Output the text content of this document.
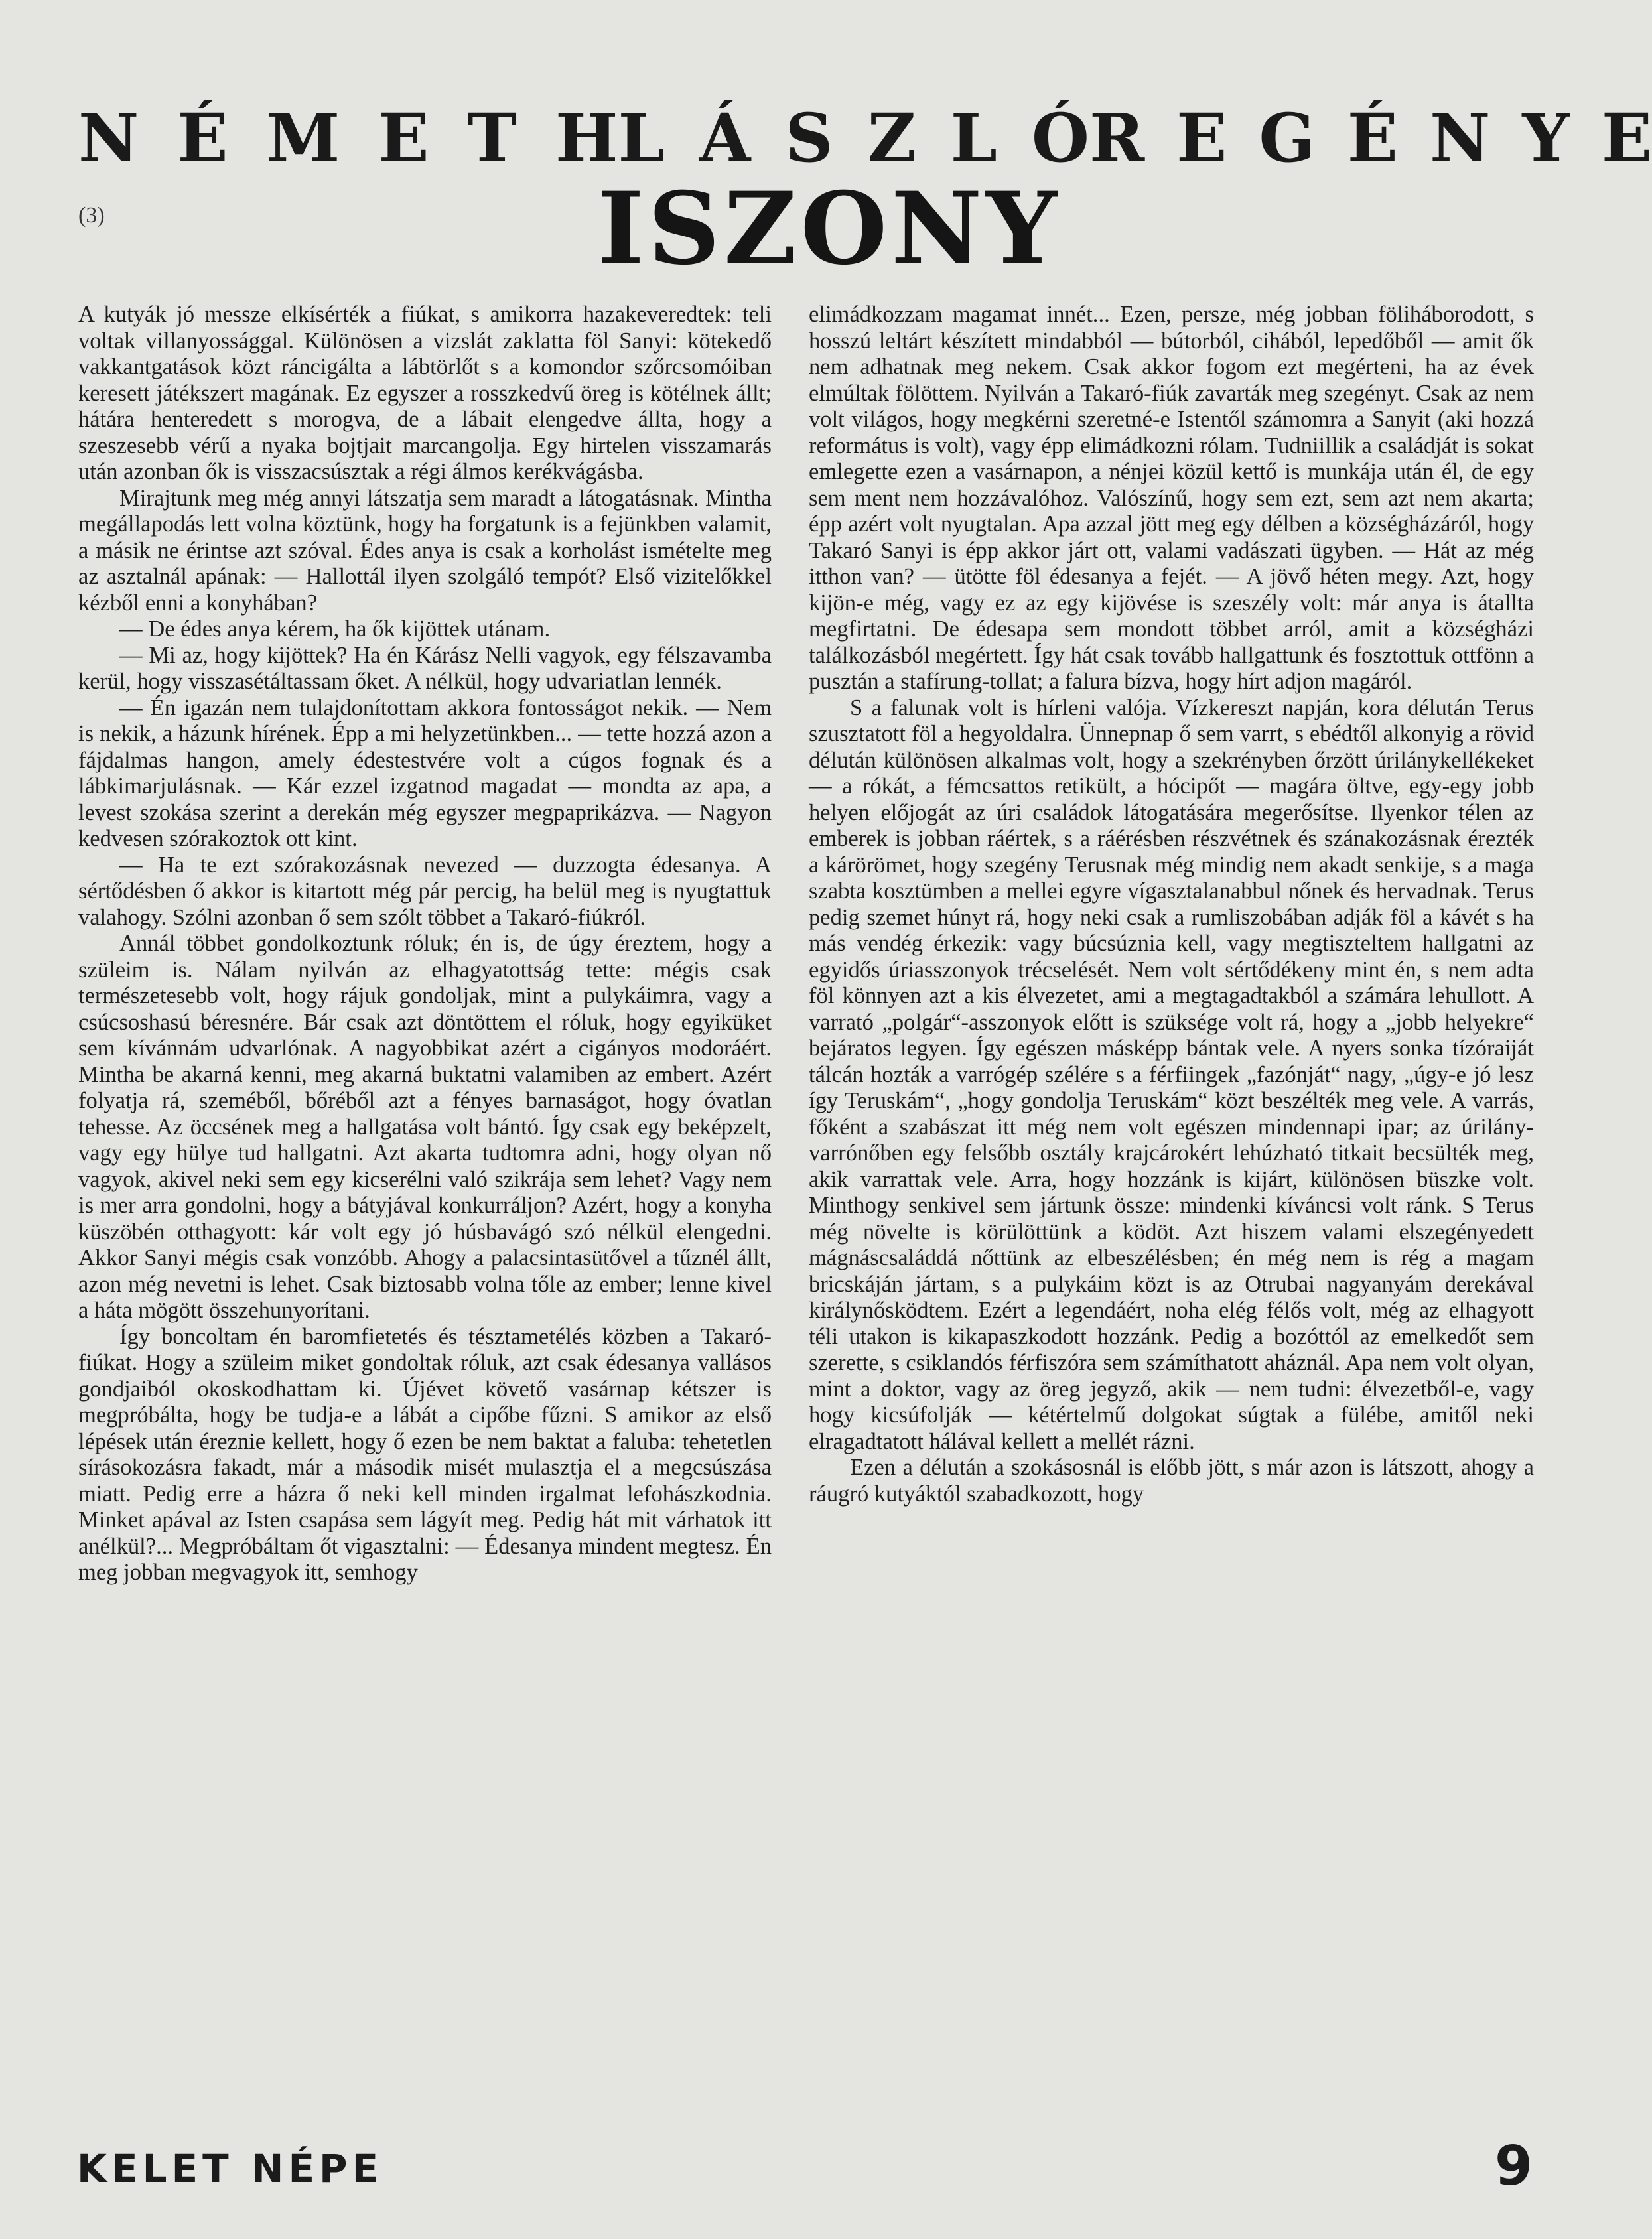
N É M E T H L Á S Z L Ó R E G É N Y E
(3)	ISZONY

A kutyák jó messze elkísérték a fiúkat, s amikorra hazakeveredtek: teli voltak villanyossággal. Különösen a vizslát zaklatta föl Sanyi: kötekedő vakkantgatások közt ráncigálta a lábtörlőt s a komondor szőrcsomóiban keresett játékszert magának. Ez egyszer a rosszkedvű öreg is kötélnek állt; hátára henteredett s morogva, de a lábait elengedve állta, hogy a szeszesebb vérű a nyaka bojtjait marcangolja. Egy hirtelen visszamarás után azonban ők is visszacsúsztak a régi álmos kerékvágásba.

Mirajtunk meg még annyi látszatja sem maradt a látogatásnak. Mintha megállapodás lett volna köztünk, hogy ha forgatunk is a fejünkben valamit, a másik ne érintse azt szóval. Édes anya is csak a korholást ismételte meg az asztalnál apának: — Hallottál ilyen szolgáló tempót? Első vizitelőkkel kézből enni a konyhában?

— De édes anya kérem, ha ők kijöttek utánam.

— Mi az, hogy kijöttek? Ha én Kárász Nelli vagyok, egy félszavamba kerül, hogy visszasétáltassam őket. A nélkül, hogy udvariatlan lennék.

— Én igazán nem tulajdonítottam akkora fontosságot nekik. — Nem is nekik, a házunk hírének. Épp a mi helyzetünkben... — tette hozzá azon a fájdalmas hangon, amely édestestvére volt a cúgos fognak és a lábkimarjulásnak. — Kár ezzel izgatnod magadat — mondta az apa, a levest szokása szerint a derekán még egyszer megpaprikázva. — Nagyon kedvesen szórakoztok ott kint.

— Ha te ezt szórakozásnak nevezed — duzzogta édesanya. A sértődésben ő akkor is kitartott még pár percig, ha belül meg is nyugtattuk valahogy. Szólni azonban ő sem szólt többet a Takaró-fiúkról.

Annál többet gondolkoztunk róluk; én is, de úgy éreztem, hogy a szüleim is. Nálam nyilván az elhagyatottság tette: mégis csak természetesebb volt, hogy rájuk gondoljak, mint a pulykáimra, vagy a csúcsoshasú béresnére. Bár csak azt döntöttem el róluk, hogy egyiküket sem kívánnám udvarlónak. A nagyobbikat azért a cigányos modoráért. Mintha be akarná kenni, meg akarná buktatni valamiben az embert. Azért folyatja rá, szeméből, bőréből azt a fényes barnaságot, hogy óvatlan tehesse. Az öccsének meg a hallgatása volt bántó. Így csak egy beképzelt, vagy egy hülye tud hallgatni. Azt akarta tudtomra adni, hogy olyan nő vagyok, akivel neki sem egy kicserélni való szikrája sem lehet? Vagy nem is mer arra gondolni, hogy a bátyjával konkurráljon? Azért, hogy a konyha küszöbén otthagyott: kár volt egy jó húsbavágó szó nélkül elengedni. Akkor Sanyi mégis csak vonzóbb. Ahogy a palacsintasütővel a tűznél állt, azon még nevetni is lehet. Csak biztosabb volna tőle az ember; lenne kivel a háta mögött összehunyorítani.

Így boncoltam én baromfietetés és tésztametélés közben a Takaró-fiúkat. Hogy a szüleim miket gondoltak róluk, azt csak édesanya vallásos gondjaiból okoskodhattam ki. Újévet követő vasárnap kétszer is megpróbálta, hogy be tudja-e a lábát a cipőbe fűzni. S amikor az első lépések után éreznie kellett, hogy ő ezen be nem baktat a faluba: tehetetlen sírásokozásra fakadt, már a második misét mulasztja el a megcsúszása miatt. Pedig erre a házra ő neki kell minden irgalmat lefohászkodnia. Minket apával az Isten csapása sem lágyít meg. Pedig hát mit várhatok itt anélkül?... Megpróbáltam őt vigasztalni: — Édesanya mindent megtesz. Én meg jobban megvagyok itt, semhogy

elimádkozzam magamat innét... Ezen, persze, még jobban föliháborodott, s hosszú leltárt készített mindabból — bútorból, cihából, lepedőből — amit ők nem adhatnak meg nekem. Csak akkor fogom ezt megérteni, ha az évek elmúltak fölöttem. Nyilván a Takaró-fiúk zavarták meg szegényt. Csak az nem volt világos, hogy megkérni szeretné-e Istentől számomra a Sanyit (aki hozzá református is volt), vagy épp elimádkozni rólam. Tudniillik a családját is sokat emlegette ezen a vasárnapon, a nénjei közül kettő is munkája után él, de egy sem ment nem hozzávalóhoz. Valószínű, hogy sem ezt, sem azt nem akarta; épp azért volt nyugtalan. Apa azzal jött meg egy délben a községházáról, hogy Takaró Sanyi is épp akkor járt ott, valami vadászati ügyben. — Hát az még itthon van? — ütötte föl édesanya a fejét. — A jövő héten megy. Azt, hogy kijön-e még, vagy ez az egy kijövése is szeszély volt: már anya is átallta megfirtatni. De édesapa sem mondott többet arról, amit a községházi találkozásból megértett. Így hát csak tovább hallgattunk és fosztottuk ottfönn a pusztán a stafírung-tollat; a falura bízva, hogy hírt adjon magáról.

S a falunak volt is hírleni valója. Vízkereszt napján, kora délután Terus szusztatott föl a hegyoldalra. Ünnepnap ő sem varrt, s ebédtől alkonyig a rövid délután különösen alkalmas volt, hogy a szekrényben őrzött úrilánykellékeket — a rókát, a fémcsattos retikült, a hócipőt — magára öltve, egy-egy jobb helyen előjogát az úri családok látogatására megerősítse. Ilyenkor télen az emberek is jobban ráértek, s a ráérésben részvétnek és szánakozásnak érezték a kárörömet, hogy szegény Terusnak még mindig nem akadt senkije, s a maga szabta kosztümben a mellei egyre vígasztalanabbul nőnek és hervadnak. Terus pedig szemet húnyt rá, hogy neki csak a rumliszobában adják föl a kávét s ha más vendég érkezik: vagy búcsúznia kell, vagy megtiszteltem hallgatni az egyidős úriasszonyok trécselését. Nem volt sértődékeny mint én, s nem adta föl könnyen azt a kis élvezetet, ami a megtagadtakból a számára lehullott. A varrató „polgár“-asszonyok előtt is szüksége volt rá, hogy a „jobb helyekre“ bejáratos legyen. Így egészen másképp bántak vele. A nyers sonka tízóraiját tálcán hozták a varrógép szélére s a férfiingek „fazónját“ nagy, „úgy-e jó lesz így Teruskám“, „hogy gondolja Teruskám“ közt beszélték meg vele. A varrás, főként a szabászat itt még nem volt egészen mindennapi ipar; az úrilány-varrónőben egy felsőbb osztály krajcárokért lehúzható titkait becsülték meg, akik varrattak vele. Arra, hogy hozzánk is kijárt, különösen büszke volt. Minthogy senkivel sem jártunk össze: mindenki kíváncsi volt ránk. S Terus még növelte is körülöttünk a ködöt. Azt hiszem valami elszegényedett mágnáscsaláddá nőttünk az elbeszélésben; én még nem is rég a magam bricskáján jártam, s a pulykáim közt is az Otrubai nagyanyám derekával királynősködtem. Ezért a legendáért, noha elég félős volt, még az elhagyott téli utakon is kikapaszkodott hozzánk. Pedig a bozóttól az emelkedőt sem szerette, s csiklandós férfiszóra sem számíthatott aháznál. Apa nem volt olyan, mint a doktor, vagy az öreg jegyző, akik — nem tudni: élvezetből-e, vagy hogy kicsúfolják — kétértelmű dolgokat súgtak a fülébe, amitől neki elragadtatott hálával kellett a mellét rázni.

Ezen a délután a szokásosnál is előbb jött, s már azon is látszott, ahogy a ráugró kutyáktól szabadkozott, hogy

KELET NÉPE	9
